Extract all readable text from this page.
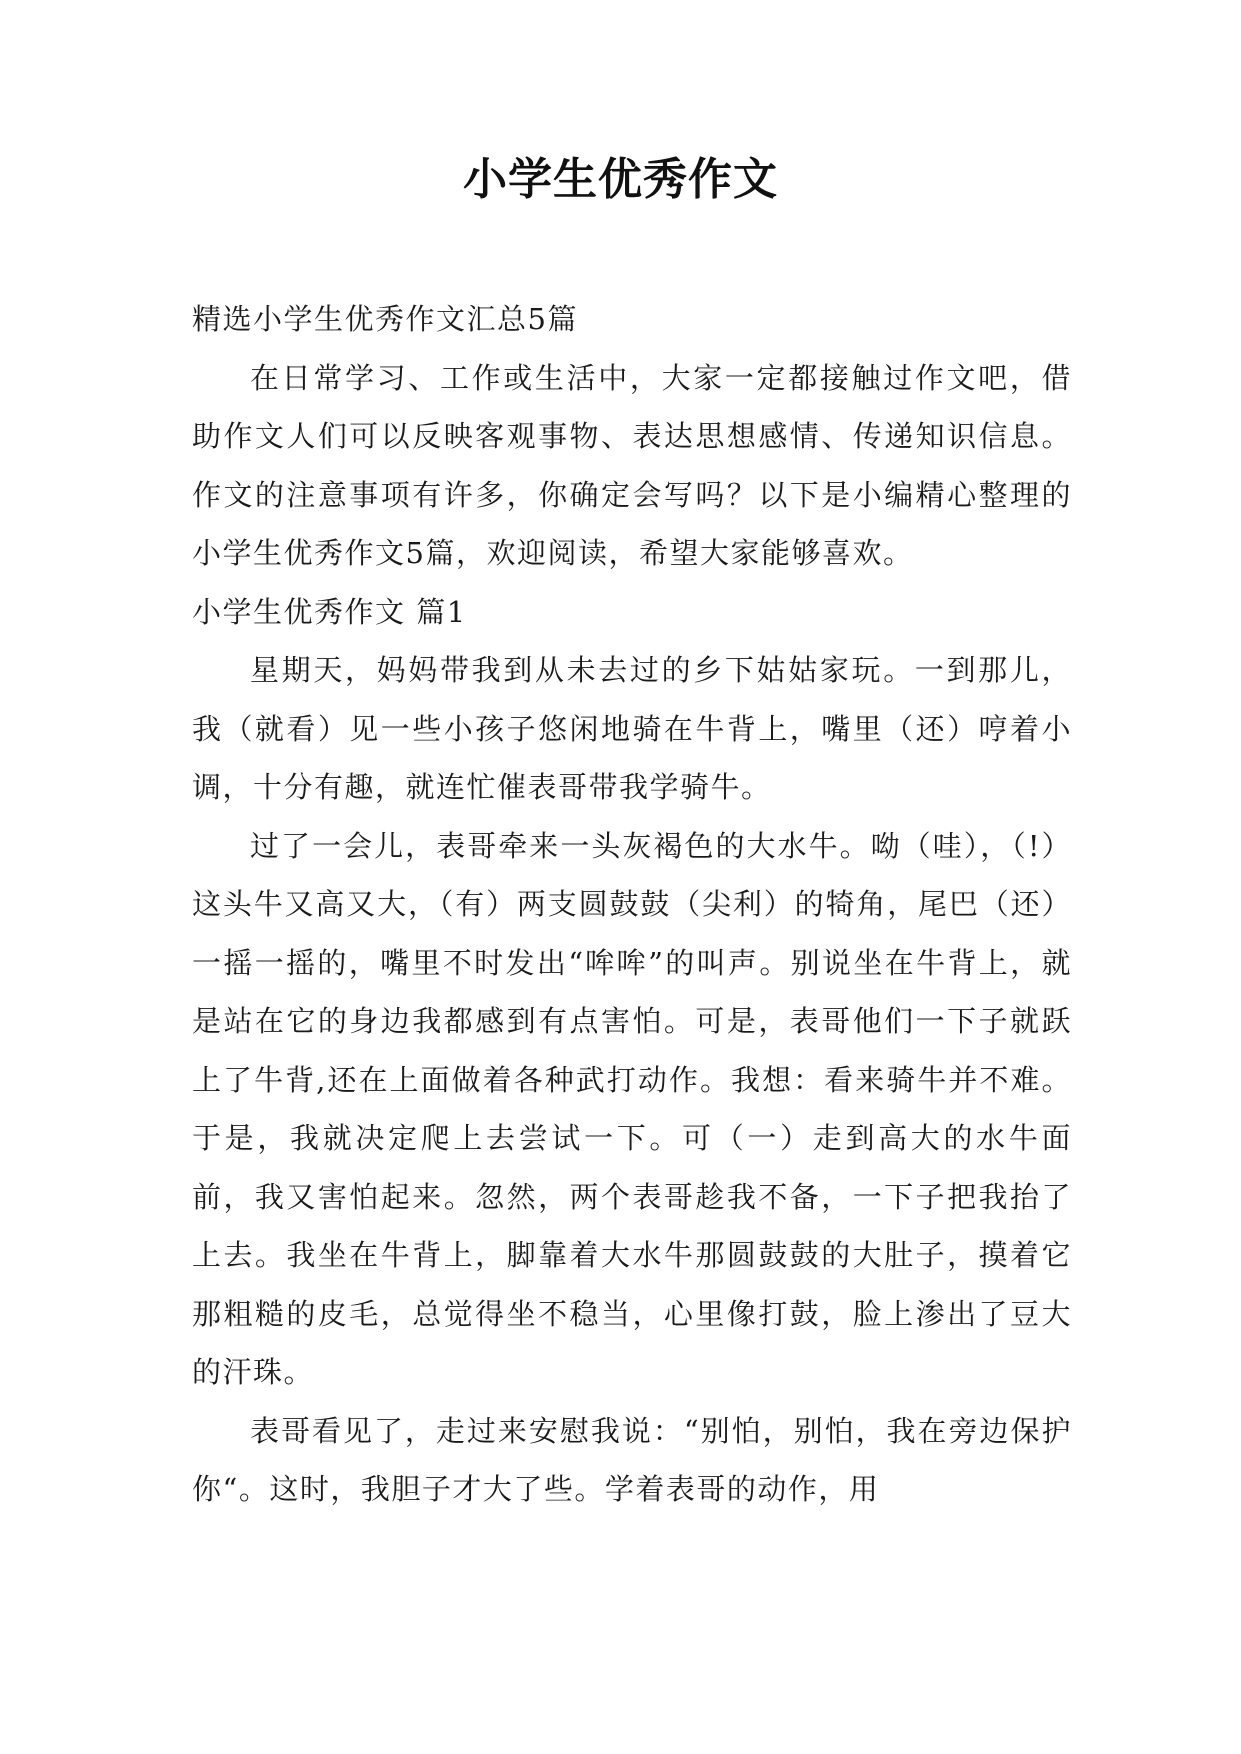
小学生优秀作文

精选小学生优秀作文汇总5篇

在日常学习、工作或生活中，大家一定都接触过作文吧，借助作文人们可以反映客观事物、表达思想感情、传递知识信息。作文的注意事项有许多，你确定会写吗？以下是小编精心整理的小学生优秀作文5篇，欢迎阅读，希望大家能够喜欢。

小学生优秀作文 篇1

星期天，妈妈带我到从未去过的乡下姑姑家玩。一到那儿，我（就看）见一些小孩子悠闲地骑在牛背上，嘴里（还）哼着小调，十分有趣，就连忙催表哥带我学骑牛。

过了一会儿，表哥牵来一头灰褐色的大水牛。呦（哇），（!）这头牛又高又大，（有）两支圆鼓鼓（尖利）的犄角，尾巴（还）一摇一摇的，嘴里不时发出“哞哞”的叫声。别说坐在牛背上，就是站在它的身边我都感到有点害怕。可是，表哥他们一下子就跃上了牛背,还在上面做着各种武打动作。我想：看来骑牛并不难。于是，我就决定爬上去尝试一下。可（一）走到高大的水牛面前，我又害怕起来。忽然，两个表哥趁我不备，一下子把我抬了上去。我坐在牛背上，脚靠着大水牛那圆鼓鼓的大肚子，摸着它那粗糙的皮毛，总觉得坐不稳当，心里像打鼓，脸上渗出了豆大的汗珠。

表哥看见了，走过来安慰我说：“别怕，别怕，我在旁边保护你“。这时，我胆子才大了些。学着表哥的动作，用
